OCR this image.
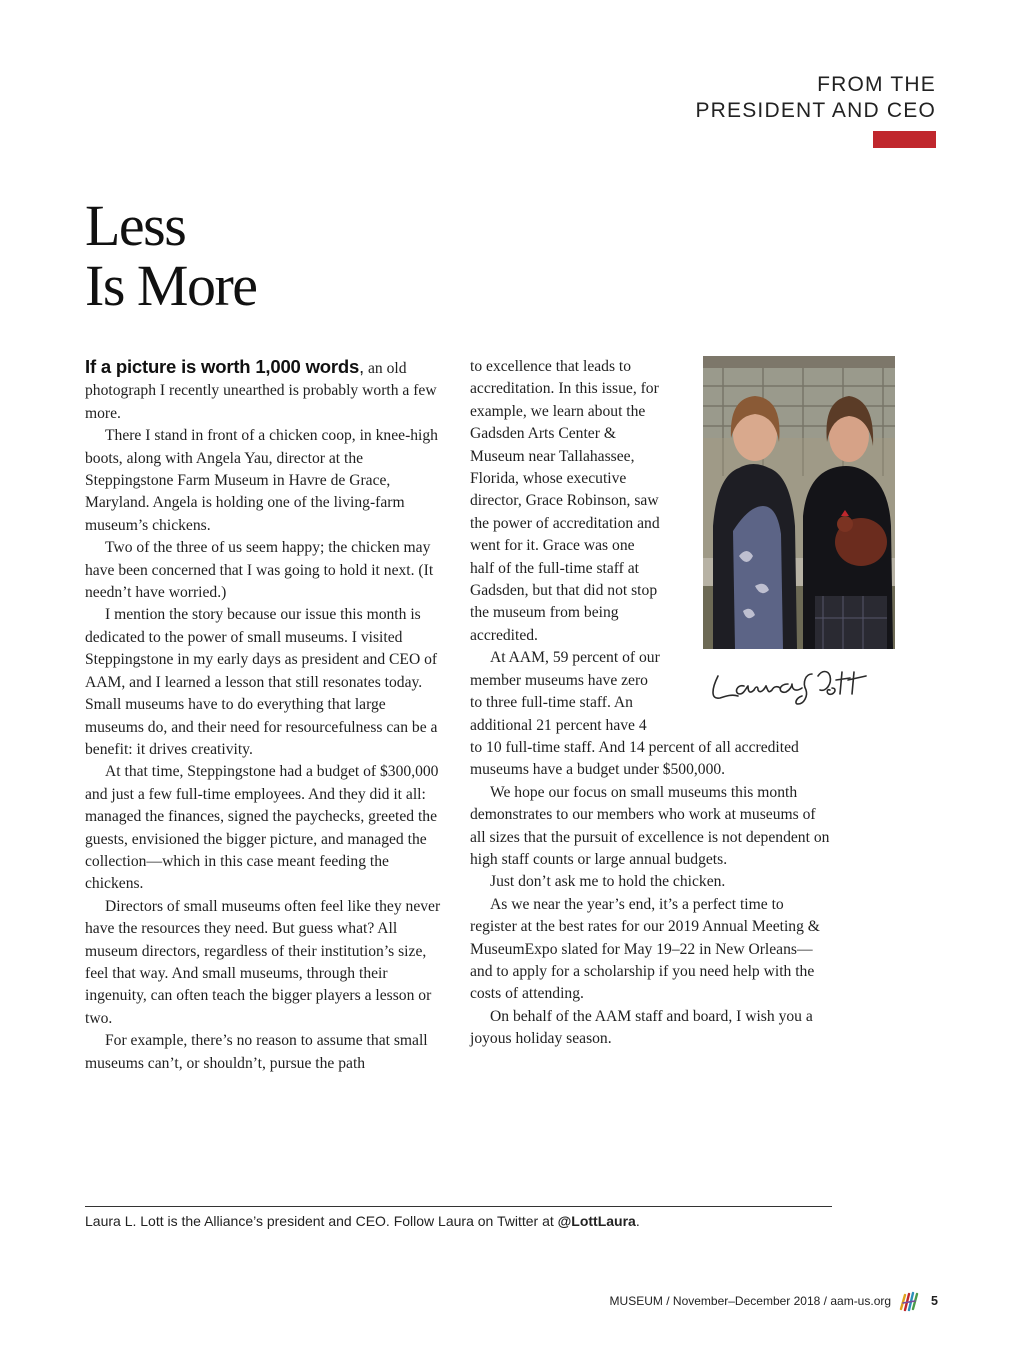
FROM THE
PRESIDENT AND CEO
Less
Is More

If a picture is worth 1,000 words, an old photograph I recently unearthed is probably worth a few more.

There I stand in front of a chicken coop, in knee-high boots, along with Angela Yau, director at the Steppingstone Farm Museum in Havre de Grace, Maryland. Angela is holding one of the living-farm museum’s chickens.

Two of the three of us seem happy; the chicken may have been concerned that I was going to hold it next. (It needn’t have worried.)

I mention the story because our issue this month is dedicated to the power of small museums. I visited Steppingstone in my early days as president and CEO of AAM, and I learned a lesson that still resonates today. Small museums have to do everything that large museums do, and their need for resourcefulness can be a benefit: it drives creativity.

At that time, Steppingstone had a budget of $300,000 and just a few full-time employees. And they did it all: managed the finances, signed the paychecks, greeted the guests, envisioned the bigger picture, and managed the collection—which in this case meant feeding the chickens.

Directors of small museums often feel like they never have the resources they need. But guess what? All museum directors, regardless of their institution’s size, feel that way. And small museums, through their ingenuity, can often teach the bigger players a lesson or two.

For example, there’s no reason to assume that small museums can’t, or shouldn’t, pursue the path

to excellence that leads to accreditation. In this issue, for example, we learn about the Gadsden Arts Center & Museum near Tallahassee, Florida, whose executive director, Grace Robinson, saw the power of accreditation and went for it. Grace was one half of the full-time staff at Gadsden, but that did not stop the museum from being accredited.

At AAM, 59 percent of our member museums have zero to three full-time staff. An additional 21 percent have 4 to 10 full-time staff. And 14 percent of all accredited museums have a budget under $500,000.

We hope our focus on small museums this month demonstrates to our members who work at museums of all sizes that the pursuit of excellence is not dependent on high staff counts or large annual budgets.

Just don’t ask me to hold the chicken.

As we near the year’s end, it’s a perfect time to register at the best rates for our 2019 Annual Meeting & MuseumExpo slated for May 19–22 in New Orleans—and to apply for a scholarship if you need help with the costs of attending.

On behalf of the AAM staff and board, I wish you a joyous holiday season.

Laura L. Lott is the Alliance’s president and CEO. Follow Laura on Twitter at @LottLaura.
MUSEUM / November–December 2018 / aam-us.org	5
